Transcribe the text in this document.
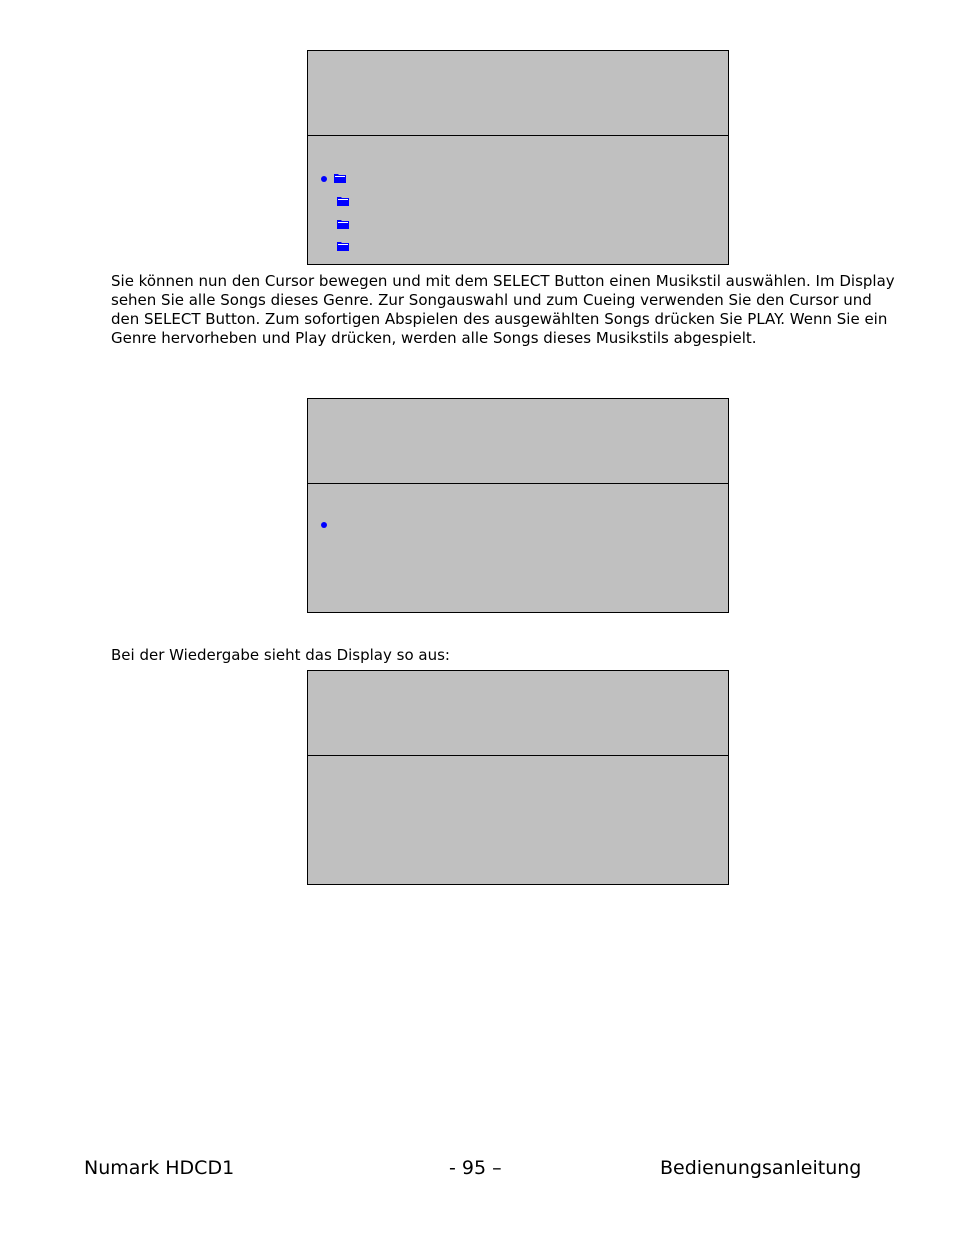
Sie können nun den Cursor bewegen und mit dem SELECT Button einen Musikstil auswählen. Im Display sehen Sie alle Songs dieses Genre. Zur Songauswahl und zum Cueing verwenden Sie den Cursor und den SELECT Button. Zum sofortigen Abspielen des ausgewählten Songs drücken Sie PLAY. Wenn Sie ein Genre hervorheben und Play drücken, werden alle Songs dieses Musikstils abgespielt.

Bei der Wiedergabe sieht das Display so aus:

Numark HDCD1	- 95 –	Bedienungsanleitung
